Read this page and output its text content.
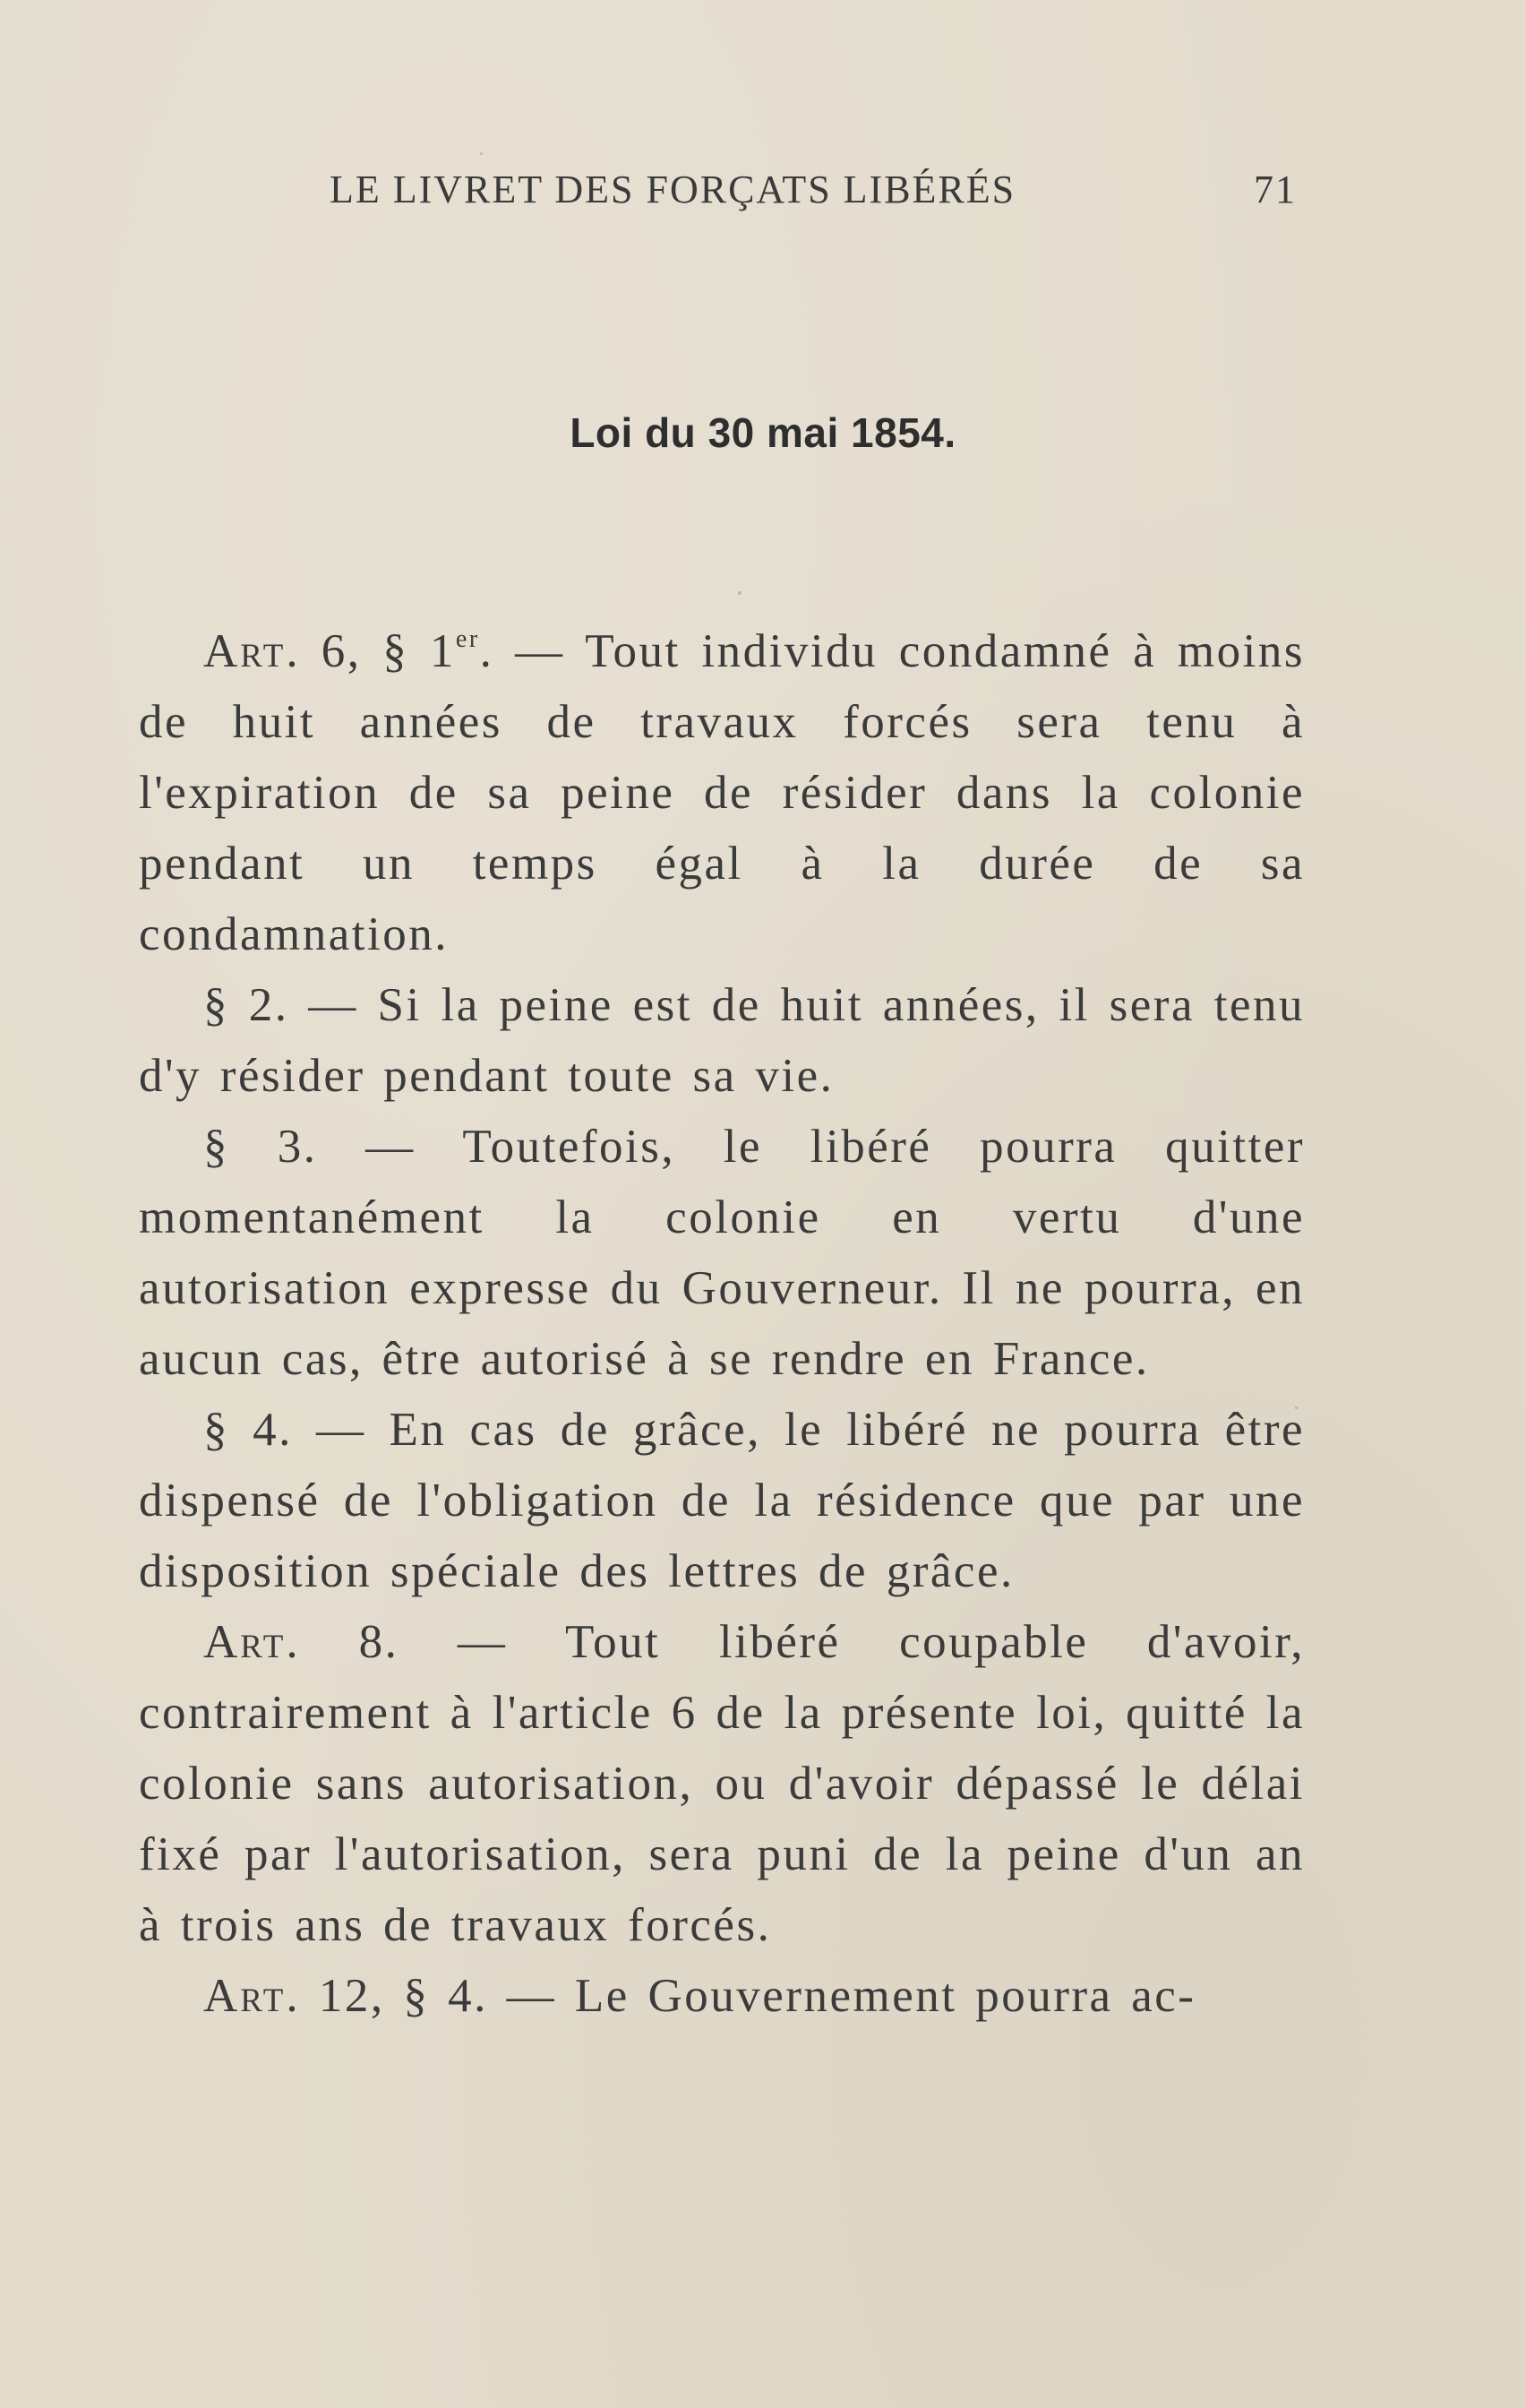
LE LIVRET DES FORÇATS LIBÉRÉS	71
Loi du 30 mai 1854.

Art. 6, § 1er. — Tout individu condamné à moins de huit années de travaux forcés sera tenu à l'expiration de sa peine de résider dans la colonie pendant un temps égal à la durée de sa condamnation.

§ 2. — Si la peine est de huit années, il sera tenu d'y résider pendant toute sa vie.

§ 3. — Toutefois, le libéré pourra quitter momentanément la colonie en vertu d'une autorisation expresse du Gouverneur. Il ne pourra, en aucun cas, être autorisé à se rendre en France.

§ 4. — En cas de grâce, le libéré ne pourra être dispensé de l'obligation de la résidence que par une disposition spéciale des lettres de grâce.

Art. 8. — Tout libéré coupable d'avoir, contrairement à l'article 6 de la présente loi, quitté la colonie sans autorisation, ou d'avoir dépassé le délai fixé par l'autorisation, sera puni de la peine d'un an à trois ans de travaux forcés.

Art. 12, § 4. — Le Gouvernement pourra ac-
